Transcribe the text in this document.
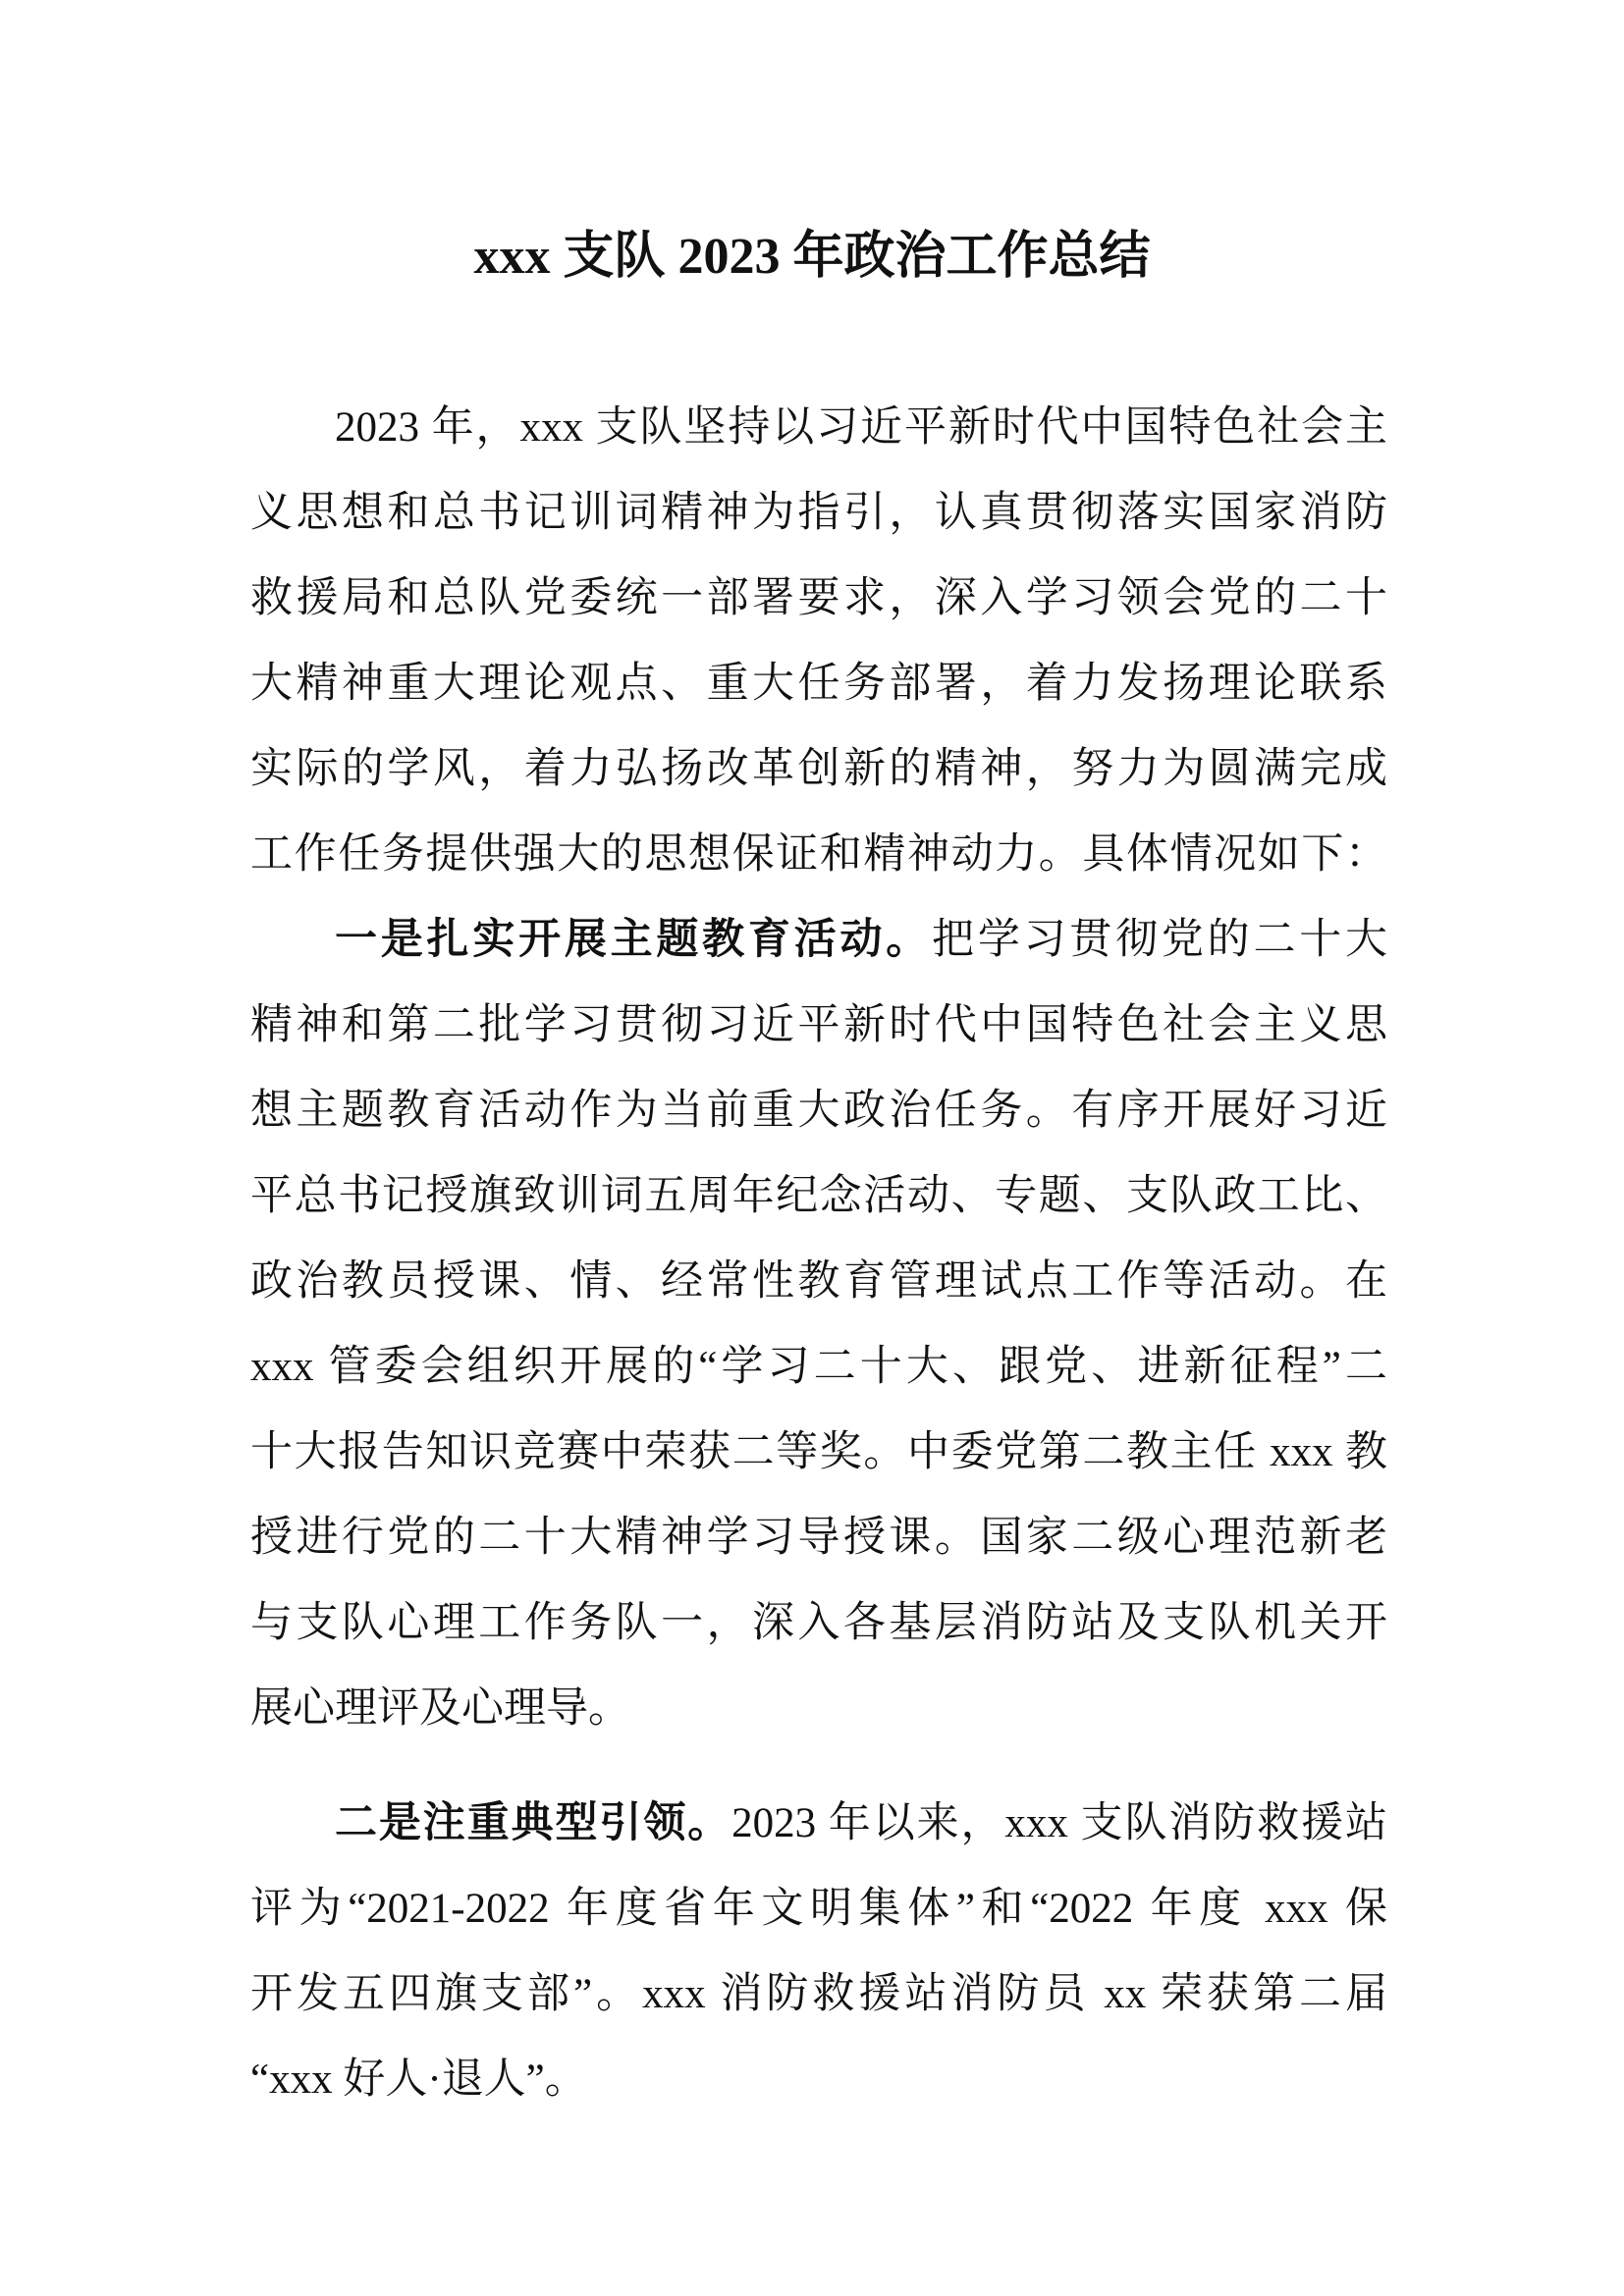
xxx 支队 2023 年政治工作总结
2023 年，xxx 支队坚持以习近平新时代中国特色社会主
义思想和总书记训词精神为指引，认真贯彻落实国家消防
救援局和总队党委统一部署要求，深入学习领会党的二十
大精神重大理论观点、重大任务部署，着力发扬理论联系
实际的学风，着力弘扬改革创新的精神，努力为圆满完成
工作任务提供强大的思想保证和精神动力。具体情况如下：
一是扎实开展主题教育活动。把学习贯彻党的二十大
精神和第二批学习贯彻习近平新时代中国特色社会主义思
想主题教育活动作为当前重大政治任务。有序开展好习近
平总书记授旗致训词五周年纪念活动、专题、支队政工比、
政治教员授课、情、经常性教育管理试点工作等活动。在
xxx 管委会组织开展的“学习二十大、跟党、进新征程”二
十大报告知识竞赛中荣获二等奖。中委党第二教主任 xxx 教
授进行党的二十大精神学习导授课。国家二级心理范新老
与支队心理工作务队一，深入各基层消防站及支队机关开
展心理评及心理导。
二是注重典型引领。2023 年以来，xxx 支队消防救援站
评为“2021-2022 年度省年文明集体”和“2022 年度 xxx 保
开发五四旗支部”。xxx 消防救援站消防员 xx 荣获第二届
“xxx 好人·退人”。
